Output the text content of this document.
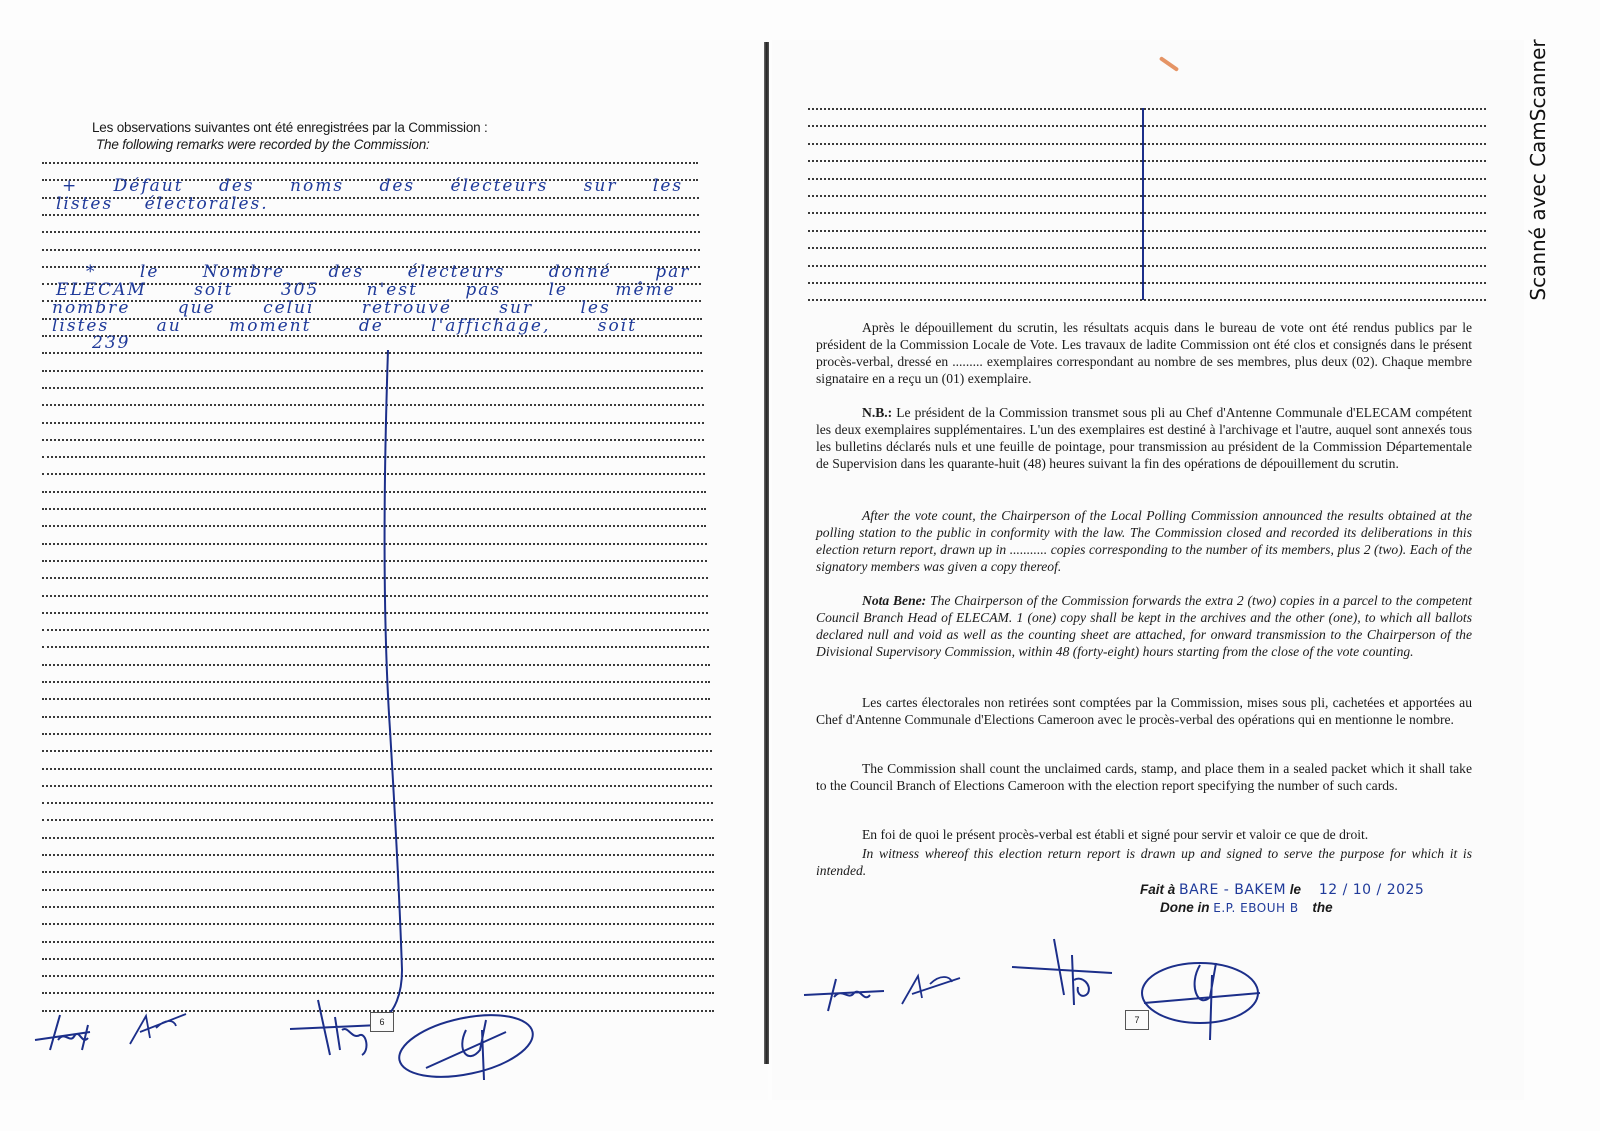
Les observations suivantes ont été enregistrées par la Commission :
The following remarks were recorded by the Commission:
+ Défaut des noms des électeurs sur les
listes électorales.
* le Nombre des électeurs donné par
ELECAM soit 305 n'est pas le même
nombre que celui retrouvé sur les
listes au moment de l'affichage, soit
239
6
Après le dépouillement du scrutin, les résultats acquis dans le bureau de vote ont été rendus publics par le président de la Commission Locale de Vote. Les travaux de ladite Commission ont été clos et consignés dans le présent procès-verbal, dressé en ......... exemplaires correspondant au nombre de ses membres, plus deux (02). Chaque membre signataire en a reçu un (01) exemplaire.
N.B.: Le président de la Commission transmet sous pli au Chef d'Antenne Communale d'ELECAM compétent les deux exemplaires supplémentaires. L'un des exemplaires est destiné à l'archivage et l'autre, auquel sont annexés tous les bulletins déclarés nuls et une feuille de pointage, pour transmission au président de la Commission Départementale de Supervision dans les quarante-huit (48) heures suivant la fin des opérations de dépouillement du scrutin.
After the vote count, the Chairperson of the Local Polling Commission announced the results obtained at the polling station to the public in conformity with the law. The Commission closed and recorded its deliberations in this election return report, drawn up in ........... copies corresponding to the number of its members, plus 2 (two). Each of the signatory members was given a copy thereof.
Nota Bene: The Chairperson of the Commission forwards the extra 2 (two) copies in a parcel to the competent Council Branch Head of ELECAM. 1 (one) copy shall be kept in the archives and the other (one), to which all ballots declared null and void as well as the counting sheet are attached, for onward transmission to the Chairperson of the Divisional Supervisory Commission, within 48 (forty-eight) hours starting from the close of the vote counting.
Les cartes électorales non retirées sont comptées par la Commission, mises sous pli, cachetées et apportées au Chef d'Antenne Communale d'Elections Cameroon avec le procès-verbal des opérations qui en mentionne le nombre.
The Commission shall count the unclaimed cards, stamp, and place them in a sealed packet which it shall take to the Council Branch of Elections Cameroon with the election report specifying the number of such cards.
En foi de quoi le présent procès-verbal est établi et signé pour servir et valoir ce que de droit.
In witness whereof this election return report is drawn up and signed to serve the purpose for which it is intended.
Fait à BARE - BAKEM le 12 / 10 / 2025
Done in E.P. EBOUH B the
7
Scanné avec CamScanner
